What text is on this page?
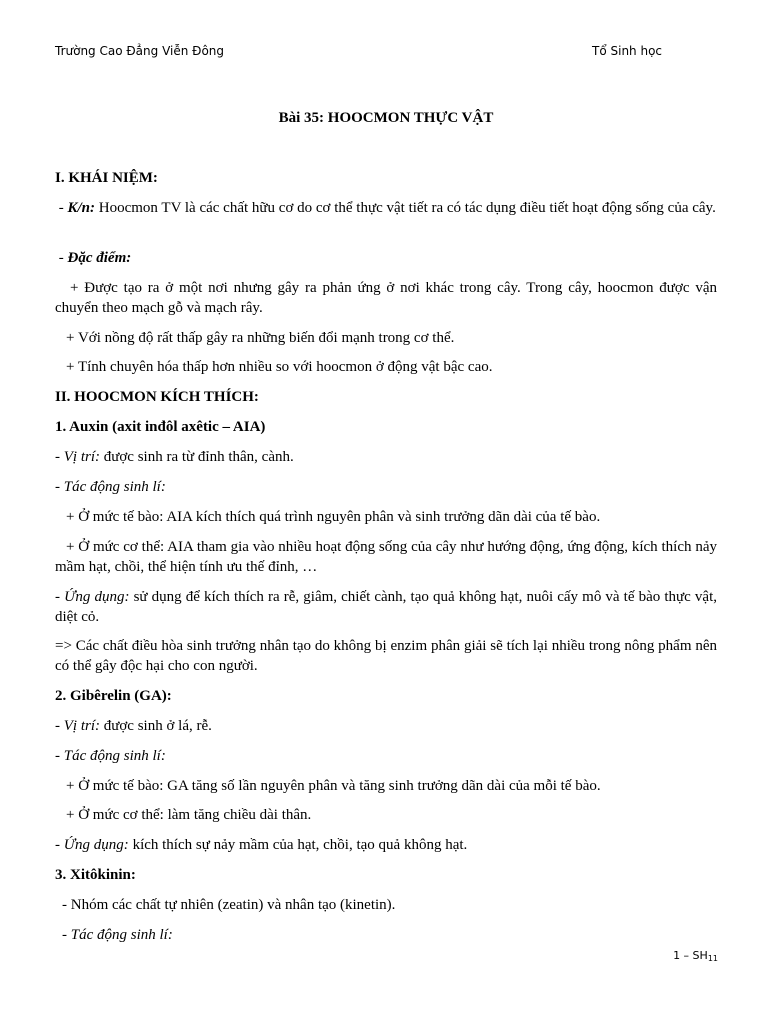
Trường Cao Đẳng Viễn Đông	Tổ Sinh học
Bài 35: HOOCMON THỰC VẬT
I. KHÁI NIỆM:
- K/n: Hoocmon TV là các chất hữu cơ do cơ thể thực vật tiết ra có tác dụng điều tiết hoạt động sống của cây.
- Đặc điểm:
+ Được tạo ra ở một nơi nhưng gây ra phản ứng ở nơi khác trong cây. Trong cây, hoocmon được vận chuyển theo mạch gỗ và mạch rây.
+ Với nồng độ rất thấp gây ra những biến đổi mạnh trong cơ thể.
+ Tính chuyên hóa thấp hơn nhiều so với hoocmon ở động vật bậc cao.
II. HOOCMON KÍCH THÍCH:
1. Auxin (axit inđôl axêtic – AIA)
- Vị trí: được sinh ra từ đỉnh thân, cành.
- Tác động sinh lí:
+ Ở mức tế bào: AIA kích thích quá trình nguyên phân và sinh trưởng dãn dài của tế bào.
+ Ở mức cơ thể: AIA tham gia vào nhiều hoạt động sống của cây như hướng động, ứng động, kích thích nảy mầm hạt, chồi, thể hiện tính ưu thế đỉnh, …
- Ứng dụng: sử dụng để kích thích ra rễ, giâm, chiết cành, tạo quả không hạt, nuôi cấy mô và tế bào thực vật, diệt cỏ.
=> Các chất điều hòa sinh trưởng nhân tạo do không bị enzim phân giải sẽ tích lại nhiều trong nông phẩm nên có thể gây độc hại cho con người.
2. Gibêrelin (GA):
- Vị trí: được sinh ở lá, rễ.
- Tác động sinh lí:
+ Ở mức tế bào: GA tăng số lần nguyên phân và tăng sinh trưởng dãn dài của mỗi tế bào.
+ Ở mức cơ thể: làm tăng chiều dài thân.
- Ứng dụng: kích thích sự nảy mầm của hạt, chồi, tạo quả không hạt.
3. Xitôkinin:
- Nhóm các chất tự nhiên (zeatin) và nhân tạo (kinetin).
- Tác động sinh lí:
$1 - SH_{11}$
